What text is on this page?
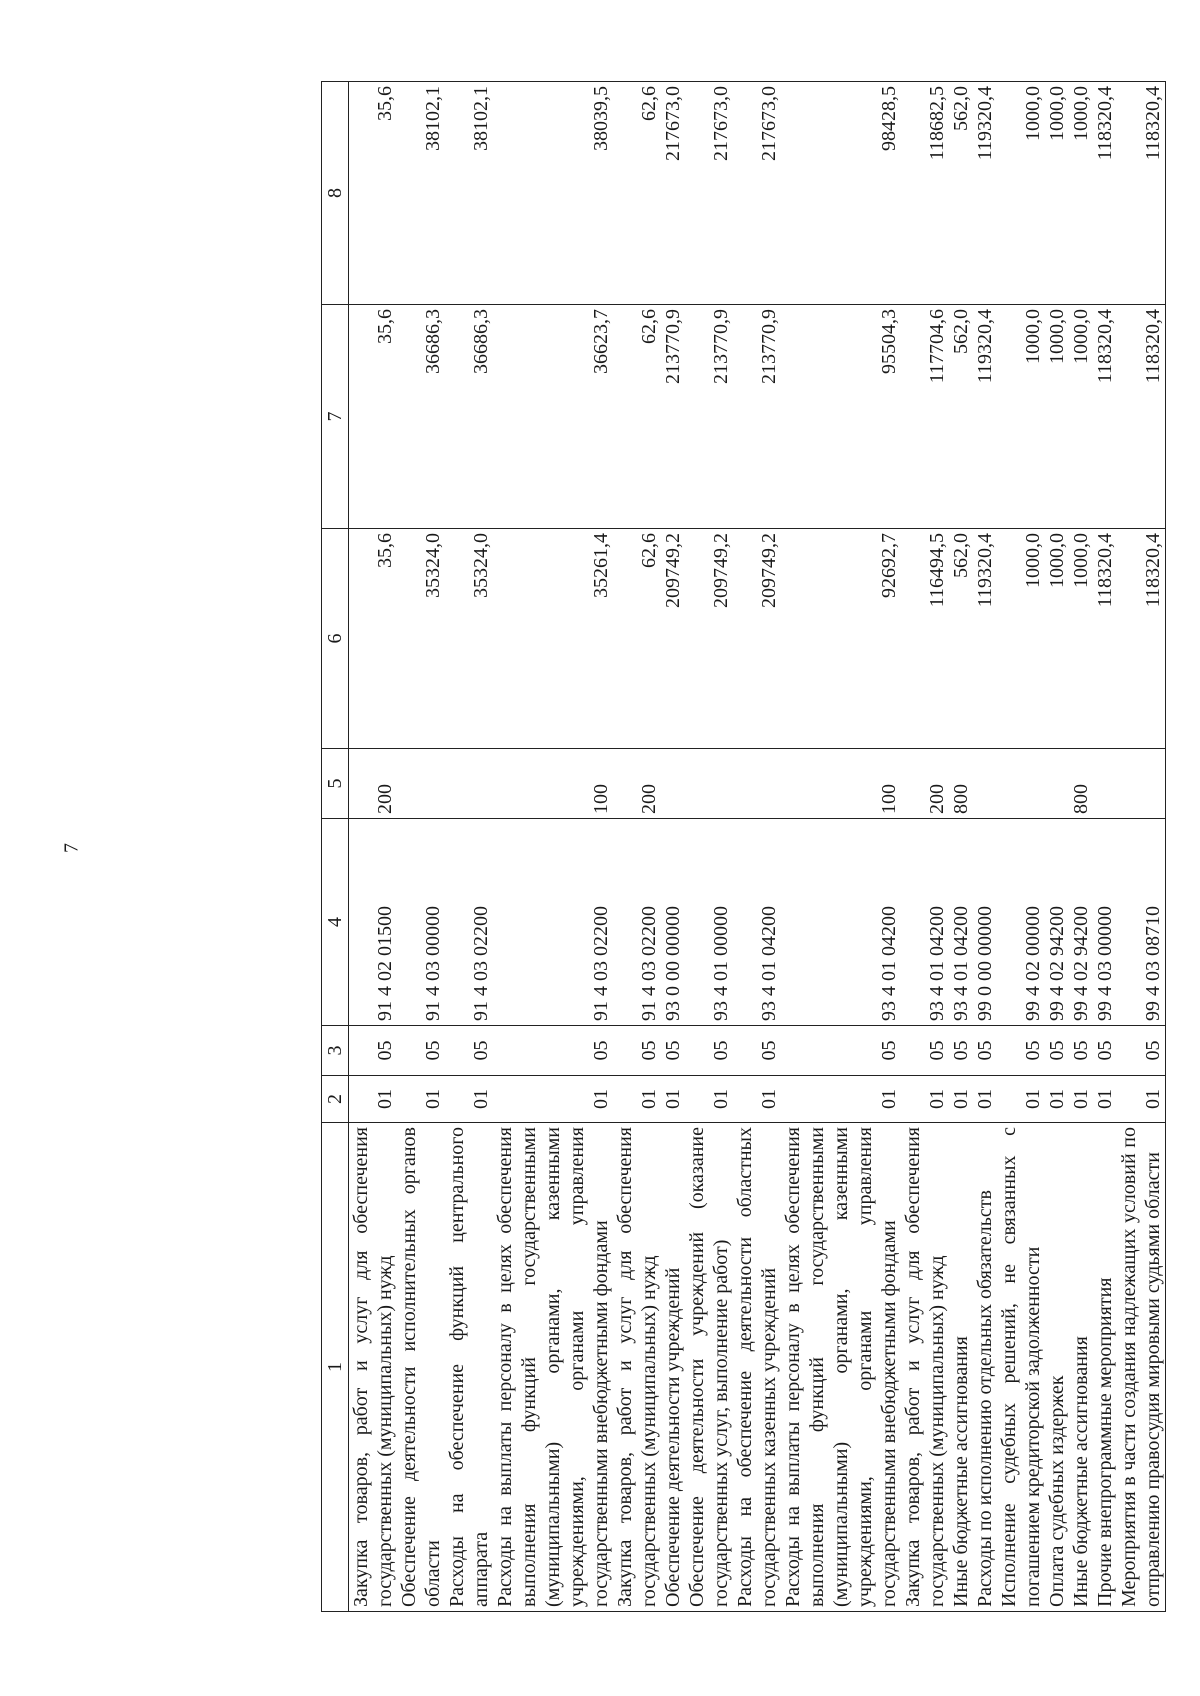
7
1	2	3	4	5	6	7	8
Закупка товаров, работ и услуг для обеспечения государственных (муниципальных) нужд	01	05	91 4 02 01500	200	35,6	35,6	35,6
Обеспечение деятельности исполнительных органов области	01	05	91 4 03 00000		35324,0	36686,3	38102,1
Расходы на обеспечение функций центрального аппарата	01	05	91 4 03 02200		35324,0	36686,3	38102,1
Расходы на выплаты персоналу в целях обеспечения выполнения функций государственными (муниципальными) органами, казенными учреждениями, органами управления государственными внебюджетными фондами	01	05	91 4 03 02200	100	35261,4	36623,7	38039,5
Закупка товаров, работ и услуг для обеспечения государственных (муниципальных) нужд	01	05	91 4 03 02200	200	62,6	62,6	62,6
Обеспечение деятельности учреждений	01	05	93 0 00 00000		209749,2	213770,9	217673,0
Обеспечение деятельности учреждений (оказание государственных услуг, выполнение работ)	01	05	93 4 01 00000		209749,2	213770,9	217673,0
Расходы на обеспечение деятельности областных государственных казенных учреждений	01	05	93 4 01 04200		209749,2	213770,9	217673,0
Расходы на выплаты персоналу в целях обеспечения выполнения функций государственными (муниципальными) органами, казенными учреждениями, органами управления государственными внебюджетными фондами	01	05	93 4 01 04200	100	92692,7	95504,3	98428,5
Закупка товаров, работ и услуг для обеспечения государственных (муниципальных) нужд	01	05	93 4 01 04200	200	116494,5	117704,6	118682,5
Иные бюджетные ассигнования	01	05	93 4 01 04200	800	562,0	562,0	562,0
Расходы по исполнению отдельных обязательств	01	05	99 0 00 00000		119320,4	119320,4	119320,4
Исполнение судебных решений, не связанных с погашением кредиторской задолженности	01	05	99 4 02 00000		1000,0	1000,0	1000,0
Оплата судебных издержек	01	05	99 4 02 94200		1000,0	1000,0	1000,0
Иные бюджетные ассигнования	01	05	99 4 02 94200	800	1000,0	1000,0	1000,0
Прочие внепрограммные мероприятия	01	05	99 4 03 00000		118320,4	118320,4	118320,4
Мероприятия в части создания надлежащих условий по отправлению правосудия мировыми судьями области	01	05	99 4 03 08710		118320,4	118320,4	118320,4
